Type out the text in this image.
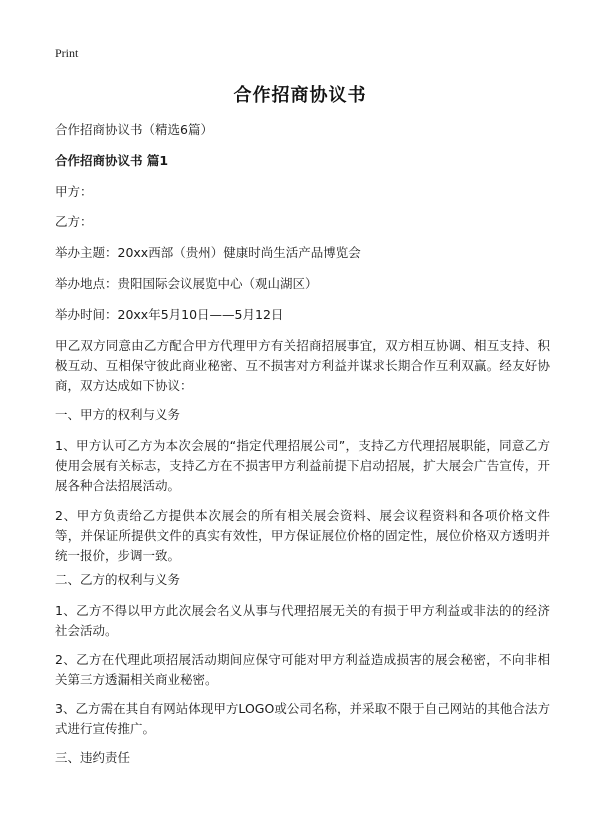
Print
合作招商协议书

合作招商协议书（精选6篇）

合作招商协议书 篇1

甲方：

乙方：

举办主题：20xx西部（贵州）健康时尚生活产品博览会

举办地点：贵阳国际会议展览中心（观山湖区）

举办时间：20xx年5月10日——5月12日

甲乙双方同意由乙方配合甲方代理甲方有关招商招展事宜，双方相互协调、相互支持、积极互动、互相保守彼此商业秘密、互不损害对方利益并谋求长期合作互利双赢。经友好协商，双方达成如下协议：

一、甲方的权利与义务

1、甲方认可乙方为本次会展的“指定代理招展公司”，支持乙方代理招展职能，同意乙方使用会展有关标志，支持乙方在不损害甲方利益前提下启动招展，扩大展会广告宣传，开展各种合法招展活动。

2、甲方负责给乙方提供本次展会的所有相关展会资料、展会议程资料和各项价格文件等，并保证所提供文件的真实有效性，甲方保证展位价格的固定性，展位价格双方透明并统一报价，步调一致。

二、乙方的权利与义务

1、乙方不得以甲方此次展会名义从事与代理招展无关的有损于甲方利益或非法的的经济社会活动。

2、乙方在代理此项招展活动期间应保守可能对甲方利益造成损害的展会秘密，不向非相关第三方透漏相关商业秘密。

3、乙方需在其自有网站体现甲方LOGO或公司名称，并采取不限于自己网站的其他合法方式进行宣传推广。

三、违约责任
